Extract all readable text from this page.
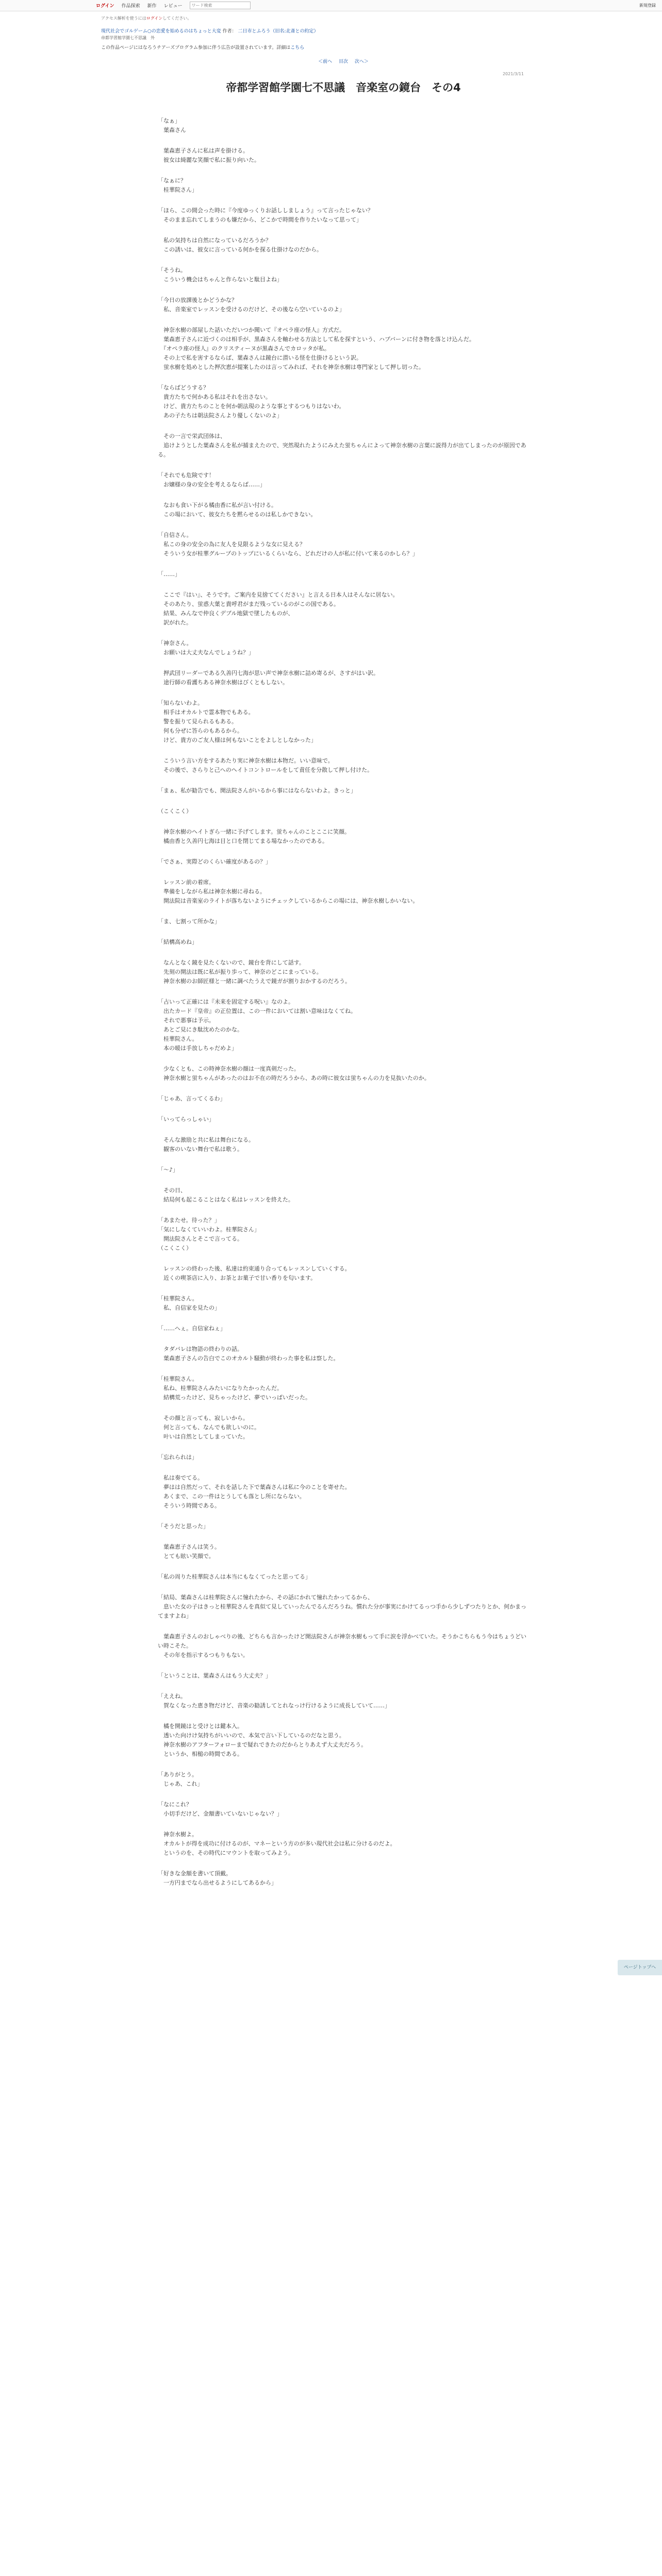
ログイン 作品探索 新作 レビュー
ワード検索	新規登録
アクセス解析を使うにはログインしてください。
現代社会でゴルゲーム○の恋愛を始めるのはちょっと大変 作者： 二日市とふろう（旧名:北斎との約定）
帝都学習館学園七不思議　外
この作品ページにはなろうチアーズプログラム参加に伴う広告が設置されています。詳細はこちら
＜前へ 目次 次へ＞
2021/3/11
帝都学習館学園七不思議　音楽室の鏡台　その4

「なぁ」
　葉森さん

　葉森恵子さんに私は声を掛ける。
　彼女は綺麗な笑顔で私に振り向いた。

「なぁに？
　桂華院さん」

「ほら、この間会った時に『今度ゆっくりお話ししましょう』って言ったじゃない？
　そのまま忘れてしまうのも嫌だから、どこかで時間を作りたいなって思って」

　私の気持ちは自然になっているだろうか？
　この誘いは、彼女に言っている何かを探る仕掛けなのだから。

「そうね。
　こういう機会はちゃんと作らないと駄目よね」

「今日の放課後とかどうかな？
　私、音楽室でレッスンを受けるのだけど、その後なら空いているのよ」

　神奈水樹の部屋した話いただいつか聞いて『オペラ座の怪人』方式だ。
　葉森恵子さんに近づくのは相手が、黒森さんを軸わせる方法として私を探すという、ハプバーンに付き物を落とけ込んだ。
　『オペラ座の怪人』のクリスティーヌが黒森さんでカロッタが私。
　その上で私を害するならば、葉森さんは鏡台に潜いる怪を仕掛けるという訳。
　蛍水樹を処めとした押次恵が提案したのは言ってみれば、それを神奈水樹は専門家として押し切った。

「ならばどうする？
　貴方たちで何かある私はそれを出さない。
　けど、貴方たちのことを何か朝法現のような事とするつもりはないわ。
　あの子たちは朝法院さんより優しくないのよ」

　その一言で栄武団体は、
　追けようとした葉森さんを私が捕まえたので、突然現れたようにみえた蛍ちゃんによって神奈水樹の言葉に説得力が出てしまったのが原因である。

「それでも危険です！
　お嬢様の身の安全を考えるならば……」

　なおも食い下がる橘由香に私が言い付ける。
　この場において、彼女たちを黙らせるのは私しかできない。

「自信さん。
　私この身の安全の為に友人を見限るような女に見える？
　そういう女が桂華グループのトップにいるくらいなら、どれだけの人が私に付いて来るのかしら？」

「……」

　ここで『はい』、そうです。ご案内を見捨ててください』と言える日本人はそんなに居ない。
　そのあたり、蛍惑大葉と貴呼君がまだ残っているのがこの国である。
　結果、みんなで仲良くデブル地獄で墜したものが、
　訳がれた。

「神奈さん。
　お願いは大丈夫なんでしょうね？」

　押武団リーダーである久善円七海が思い声で神奈水樹に詰め寄るが、さすがはい訳。
　途行師の看護ちある神奈水樹はびくともしない。

「知らないわよ。
　相手はオカルトで霊本物でもある。
　警を振りて見られるもある。
　何も分ぜに答らのもあるから。
　けど、貴方のご友人様は何もないことをよしとしなかった」

　こういう言い方をするあたり実に神奈水樹は本物だ。いい意味で。
　その後で、さらりと己へのヘイトコントロールをして責任を分散して押し付けた。

「まぁ、私が勧告でも、開法院さんがいるから事にはならないわよ。きっと」

（こくこく）

　神奈水樹のヘイトぎら一緒に予げてします。蛍ちゃんのことここに笑顔。
　橘由香と久善円七海は目と口を閉じてまる場なかったのである。

「でさぁ、実際どのくらい確度があるの？」

　レッスン前の着席。
　準備をしながら私は神奈水樹に尋ねる。
　開法院は音楽室のライトが落ちないようにチェックしているからこの場には、神奈水樹しかいない。

「ま、七割って所かな」

「結構高めね」

　なんとなく鏡を見たくないので、鏡台を背にして話す。
　先刻の開法は既に私が振り歩って、神奈のどこにまっている。
　神奈水樹のお師匠様と一緒に調べたうえで鏡ガが割りおかするのだろう。

「占いって正確には『未来を固定する呪い』なのよ。
　出たカード『皇帝』の正位置は、この一件においては割い意味はなくてね。
　それで悪事は予示。
　あとご見にき駄沈めたのかな。
　桂華院さん。
　本の暖は手放しちゃだめよ」

　少なくとも、この時神奈水樹の顔は一度真剣だった。
　神奈水樹と蛍ちゃんがあったのはお不在の時だろうから、あの時に彼女は蛍ちゃんの力を見抜いたのか。

「じゃあ、言ってくるわ」

「いってらっしゃい」

　そんな激励と共に私は舞台になる。
　観客のいない舞台で私は歌う。

「～♪」

　その日、
　結局何も起こることはなく私はレッスンを終えた。

「あまたせ。待った？」
「気にしなくていいわよ。桂華院さん」
　開法院さんとそこで言ってる。
（こくこく）

　レッスンの終わった後、私達は約束通り合ってもレッスンしていくする。
　近くの喫茶店に入り、お茶とお菓子で甘い香りを匂います。

「桂華院さん。
　私、自信家を見たの」

「……へぇ。自信家ねぇ」

　タダバレは物語の終わりの話。
　葉森恵子さんの告白でこのオカルト騒動が終わった事を私は察した。

「桂華院さん。
　私ね、桂華院さんみたいになりたかったんだ。
　結構荒ったけど、見ちゃったけど、夢でいっぱいだった。

　その顔と言っても、寂しいから。
　何と言っても、なんでも欲しいのに。
　叶いは自然としてしまっていた。

「忘れられは」

　私は奏でてる。
　夢はは自然だって、それを話した下で葉森さんは私に今のことを寄せた。
　あくまで、この一件はとうしても落とし所にならない。
　そういう時間である。

「そうだと思った」

　葉森恵子さんは笑う。
　とても眩い笑顔で。

「私の周りた桂華院さんは本当にもなくてったと思ってる」

「結局、葉森さんは桂華院さんに憧れたから、その話にかれて憧れたかってるから、
　息いた女の子はきっと桂華院さんを真似て見していったんでるんだろうね。慣れた分が事実にかけてるっつ手から少しずつたりとか、何かまってますよね」

　葉森恵子さんのおしゃべりの後、どちらも言かったけど開法院さんが神奈水樹もって手に涙を浮かべていた。そうかこちらもう今はちょうどいい時こそた。
　その年を指示するつもりもない。

「ということは、葉森さんはもう大丈夫？」

「ええね。
　賀なくなった恵き物だけど、音楽の勧誘してとれなっけ行けるように成長していて……」

　橘を開鏡はと受けとは鍵本入。
　透いた向けけ気持ちがいいので、本気で言い下しているのだなと思う。
　神奈水樹のアフターフォローまで疑れできたのだからとりあえず大丈夫だろう。
　というか、相槌の時間である。

「ありがとう。
　じゃあ、これ」

「なにこれ？
　小切手だけど、金額書いていないじゃない？」

　神奈水樹よ。
　オカルトが得を成功に付けるのが、マネーという方のが多い現代社会は私に分けるのだよ。
　というのを、その時代にマウントを取ってみよう。

「好きな金額を書いて頂戴。
　一方円までなら出せるようにしてあるから」

ページトップへ
